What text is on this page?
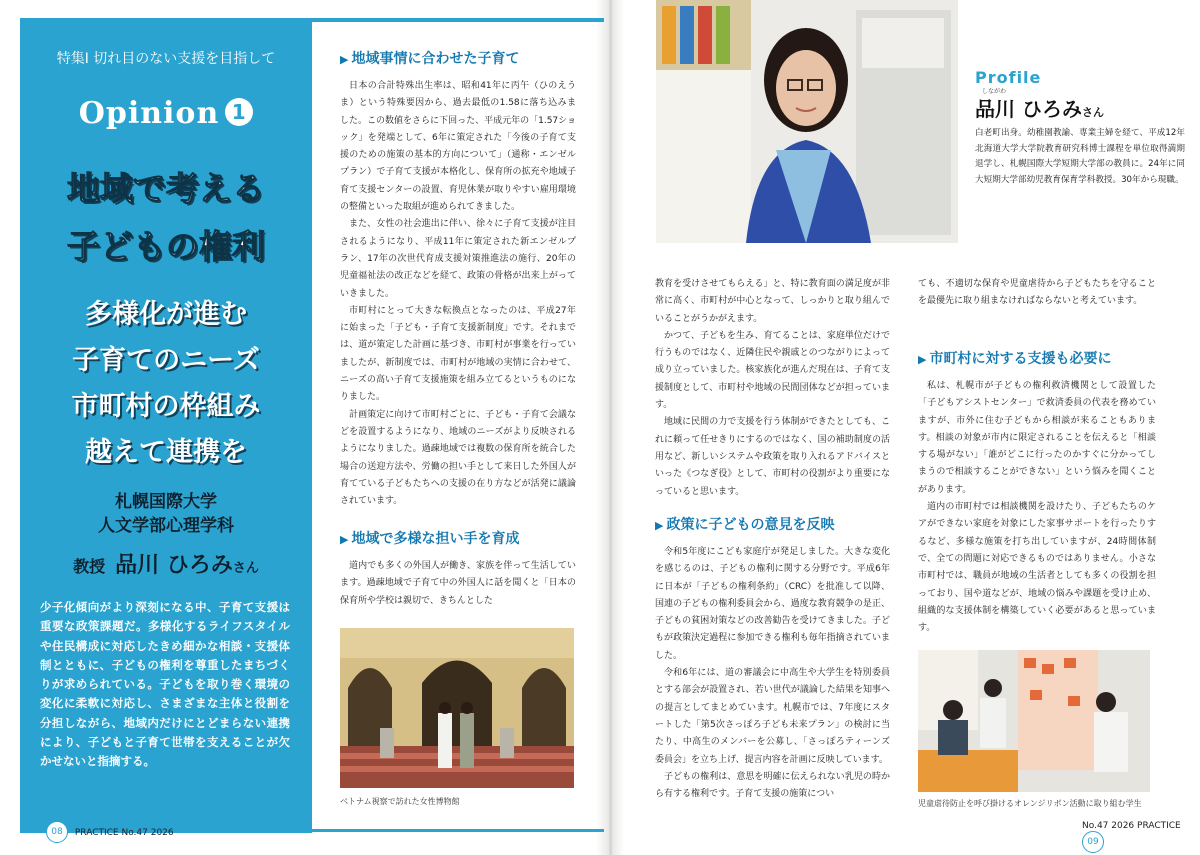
特集Ⅰ 切れ目のない支援を目指して
Opinion 1
地域で考える
子どもの権利
多様化が進む
子育てのニーズ
市町村の枠組み
越えて連携を
札幌国際大学
人文学部心理学科
教授 品川 ひろみさん
少子化傾向がより深刻になる中、子育て支援は重要な政策課題だ。多様化するライフスタイルや住民構成に対応したきめ細かな相談・支援体制とともに、子どもの権利を尊重したまちづくりが求められている。子どもを取り巻く環境の変化に柔軟に対応し、さまざまな主体と役割を分担しながら、地域内だけにとどまらない連携により、子どもと子育て世帯を支えることが欠かせないと指摘する。
08 PRACTICE No.47 2026
▶ 地域事情に合わせた子育て

日本の合計特殊出生率は、昭和41年に丙午（ひのえうま）という特殊要因から、過去最低の1.58に落ち込みました。この数値をさらに下回った、平成元年の「1.57ショック」を発端として、6年に策定された「今後の子育て支援のための施策の基本的方向について」（通称・エンゼルプラン）で子育て支援が本格化し、保育所の拡充や地域子育て支援センターの設置、育児休業が取りやすい雇用環境の整備といった取組が進められてきました。

また、女性の社会進出に伴い、徐々に子育て支援が注目されるようになり、平成11年に策定された新エンゼルプラン、17年の次世代育成支援対策推進法の施行、20年の児童福祉法の改正などを経て、政策の骨格が出来上がっていきました。

市町村にとって大きな転換点となったのは、平成27年に始まった「子ども・子育て支援新制度」です。それまでは、道が策定した計画に基づき、市町村が事業を行っていましたが、新制度では、市町村が地域の実情に合わせて、ニーズの高い子育て支援施策を組み立てるというものになりました。

計画策定に向けて市町村ごとに、子ども・子育て会議などを設置するようになり、地域のニーズがより反映されるようになりました。過疎地域では複数の保育所を統合した場合の送迎方法や、労働の担い手として来日した外国人が育てている子どもたちへの支援の在り方などが活発に議論されています。

▶ 地域で多様な担い手を育成

道内でも多くの外国人が働き、家族を伴って生活しています。過疎地域で子育て中の外国人に話を聞くと「日本の保育所や学校は親切で、きちんとした

ベトナム視察で訪れた女性博物館
Profile
しながわ
品川 ひろみさん
白老町出身。幼稚園教諭、専業主婦を経て、平成12年北海道大学大学院教育研究科博士課程を単位取得満期退学し、札幌国際大学短期大学部の教員に。24年に同大短期大学部幼児教育保育学科教授。30年から現職。

教育を受けさせてもらえる」と、特に教育面の満足度が非常に高く、市町村が中心となって、しっかりと取り組んでいることがうかがえます。

かつて、子どもを生み、育てることは、家庭単位だけで行うものではなく、近隣住民や親戚とのつながりによって成り立っていました。核家族化が進んだ現在は、子育て支援制度として、市町村や地域の民間団体などが担っています。

地域に民間の力で支援を行う体制ができたとしても、これに頼って任せきりにするのではなく、国の補助制度の活用など、新しいシステムや政策を取り入れるアドバイスといった《つなぎ役》として、市町村の役割がより重要になっていると思います。

▶ 政策に子どもの意見を反映

令和5年度にこども家庭庁が発足しました。大きな変化を感じるのは、子どもの権利に関する分野です。平成6年に日本が「子どもの権利条約」（CRC）を批准して以降、国連の子どもの権利委員会から、過度な教育競争の是正、子どもの貧困対策などの改善勧告を受けてきました。子どもが政策決定過程に参加できる権利も毎年指摘されていました。

令和6年には、道の審議会に中高生や大学生を特別委員とする部会が設置され、若い世代が議論した結果を知事への提言としてまとめています。札幌市では、7年度にスタートした「第5次さっぽろ子ども未来プラン」の検討に当たり、中高生のメンバーを公募し、「さっぽろティーンズ委員会」を立ち上げ、提言内容を計画に反映しています。

子どもの権利は、意思を明確に伝えられない乳児の時から有する権利です。子育て支援の施策につい

ても、不適切な保育や児童虐待から子どもたちを守ることを最優先に取り組まなければならないと考えています。

▶ 市町村に対する支援も必要に

私は、札幌市が子どもの権利救済機関として設置した「子どもアシストセンター」で救済委員の代表を務めていますが、市外に住む子どもから相談が来ることもあります。相談の対象が市内に限定されることを伝えると「相談する場がない」「誰がどこに行ったのかすぐに分かってしまうので相談することができない」という悩みを聞くことがあります。

道内の市町村では相談機関を設けたり、子どもたちのケアができない家庭を対象にした家事サポートを行ったりするなど、多様な施策を打ち出していますが、24時間体制で、全ての問題に対応できるものではありません。小さな市町村では、職員が地域の生活者としても多くの役割を担っており、国や道などが、地域の悩みや課題を受け止め、組織的な支援体制を構築していく必要があると思っています。

児童虐待防止を呼び掛けるオレンジリボン活動に取り組む学生
No.47 2026 PRACTICE 09
